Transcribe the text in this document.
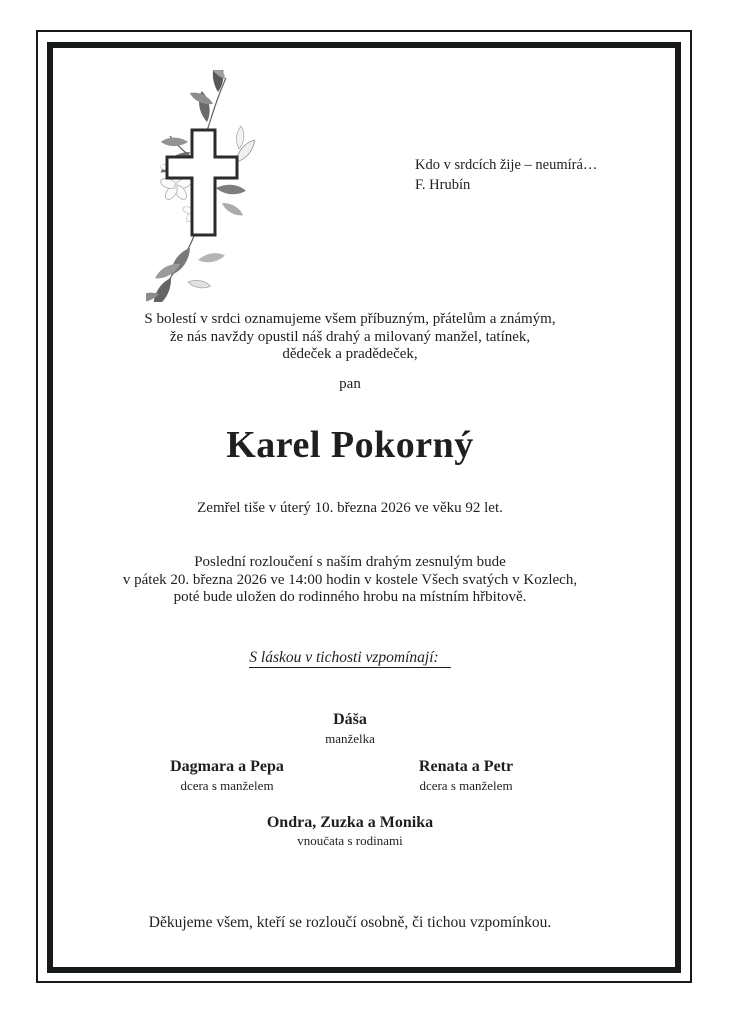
Kdo v srdcích žije – neumírá…
F. Hrubín
S bolestí v srdci oznamujeme všem příbuzným, přátelům a známým,
že nás navždy opustil náš drahý a milovaný manžel, tatínek,
dědeček a pradědeček,
pan
Karel Pokorný
Zemřel tiše v úterý 10. března 2026 ve věku 92 let.
Poslední rozloučení s naším drahým zesnulým bude
v pátek 20. března 2026 ve 14:00 hodin v kostele Všech svatých v Kozlech,
poté bude uložen do rodinného hrobu na místním hřbitově.
S láskou v tichosti vzpomínají:
Dáša
manželka
Dagmara a Pepa
dcera s manželem
Renata a Petr
dcera s manželem
Ondra, Zuzka a Monika
vnoučata s rodinami
Děkujeme všem, kteří se rozloučí osobně, či tichou vzpomínkou.
